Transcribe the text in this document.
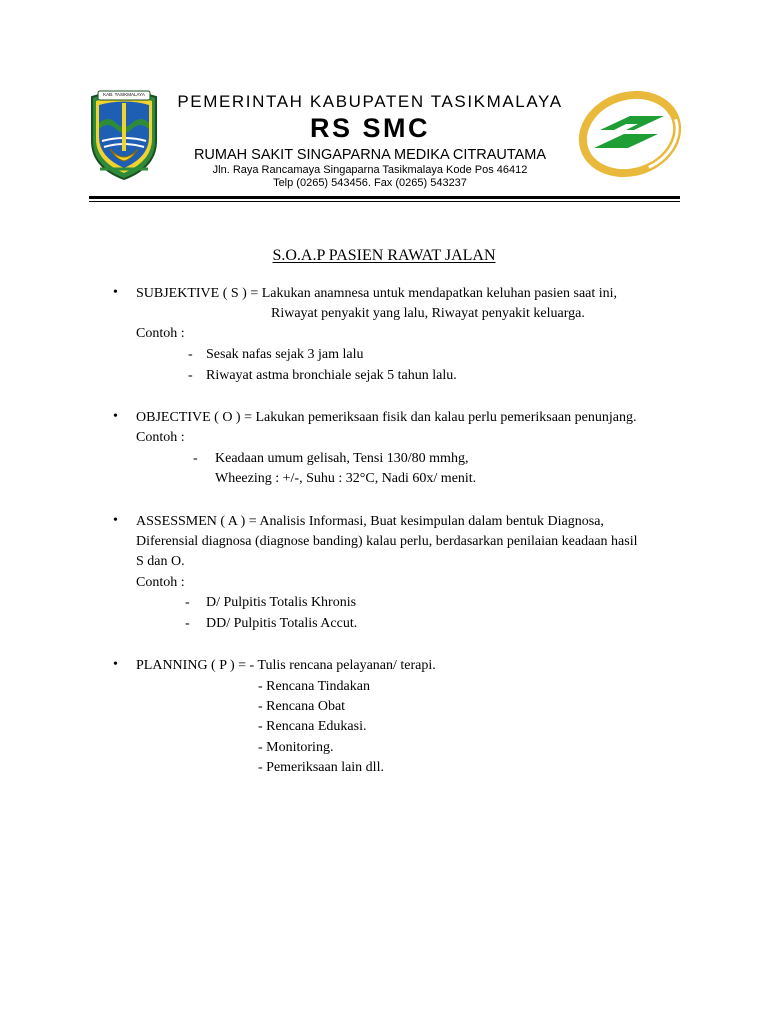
KAB. TASIKMALAYA	PEMERINTAH KABUPATEN TASIKMALAYA
RS SMC
RUMAH SAKIT SINGAPARNA MEDIKA CITRAUTAMA
Jln. Raya Rancamaya Singaparna Tasikmalaya Kode Pos 46412
Telp (0265) 543456. Fax (0265) 543237
S.O.A.P PASIEN RAWAT JALAN
• SUBJEKTIVE ( S ) = Lakukan anamnesa untuk mendapatkan keluhan pasien saat ini,
Riwayat penyakit yang lalu, Riwayat penyakit keluarga.
Contoh :
- Sesak nafas sejak 3 jam lalu
- Riwayat astma bronchiale sejak 5 tahun lalu.
• OBJECTIVE ( O ) = Lakukan pemeriksaan fisik dan kalau perlu pemeriksaan penunjang.
Contoh :
- Keadaan umum gelisah, Tensi 130/80 mmhg,
Wheezing : +/-, Suhu : 32°C, Nadi 60x/ menit.
• ASSESSMEN ( A ) = Analisis Informasi, Buat kesimpulan dalam bentuk Diagnosa,
Diferensial diagnosa (diagnose banding) kalau perlu, berdasarkan penilaian keadaan hasil
S dan O.
Contoh :
- D/ Pulpitis Totalis Khronis
- DD/ Pulpitis Totalis Accut.
• PLANNING ( P ) = - Tulis rencana pelayanan/ terapi.
- Rencana Tindakan
- Rencana Obat
- Rencana Edukasi.
- Monitoring.
- Pemeriksaan lain dll.
